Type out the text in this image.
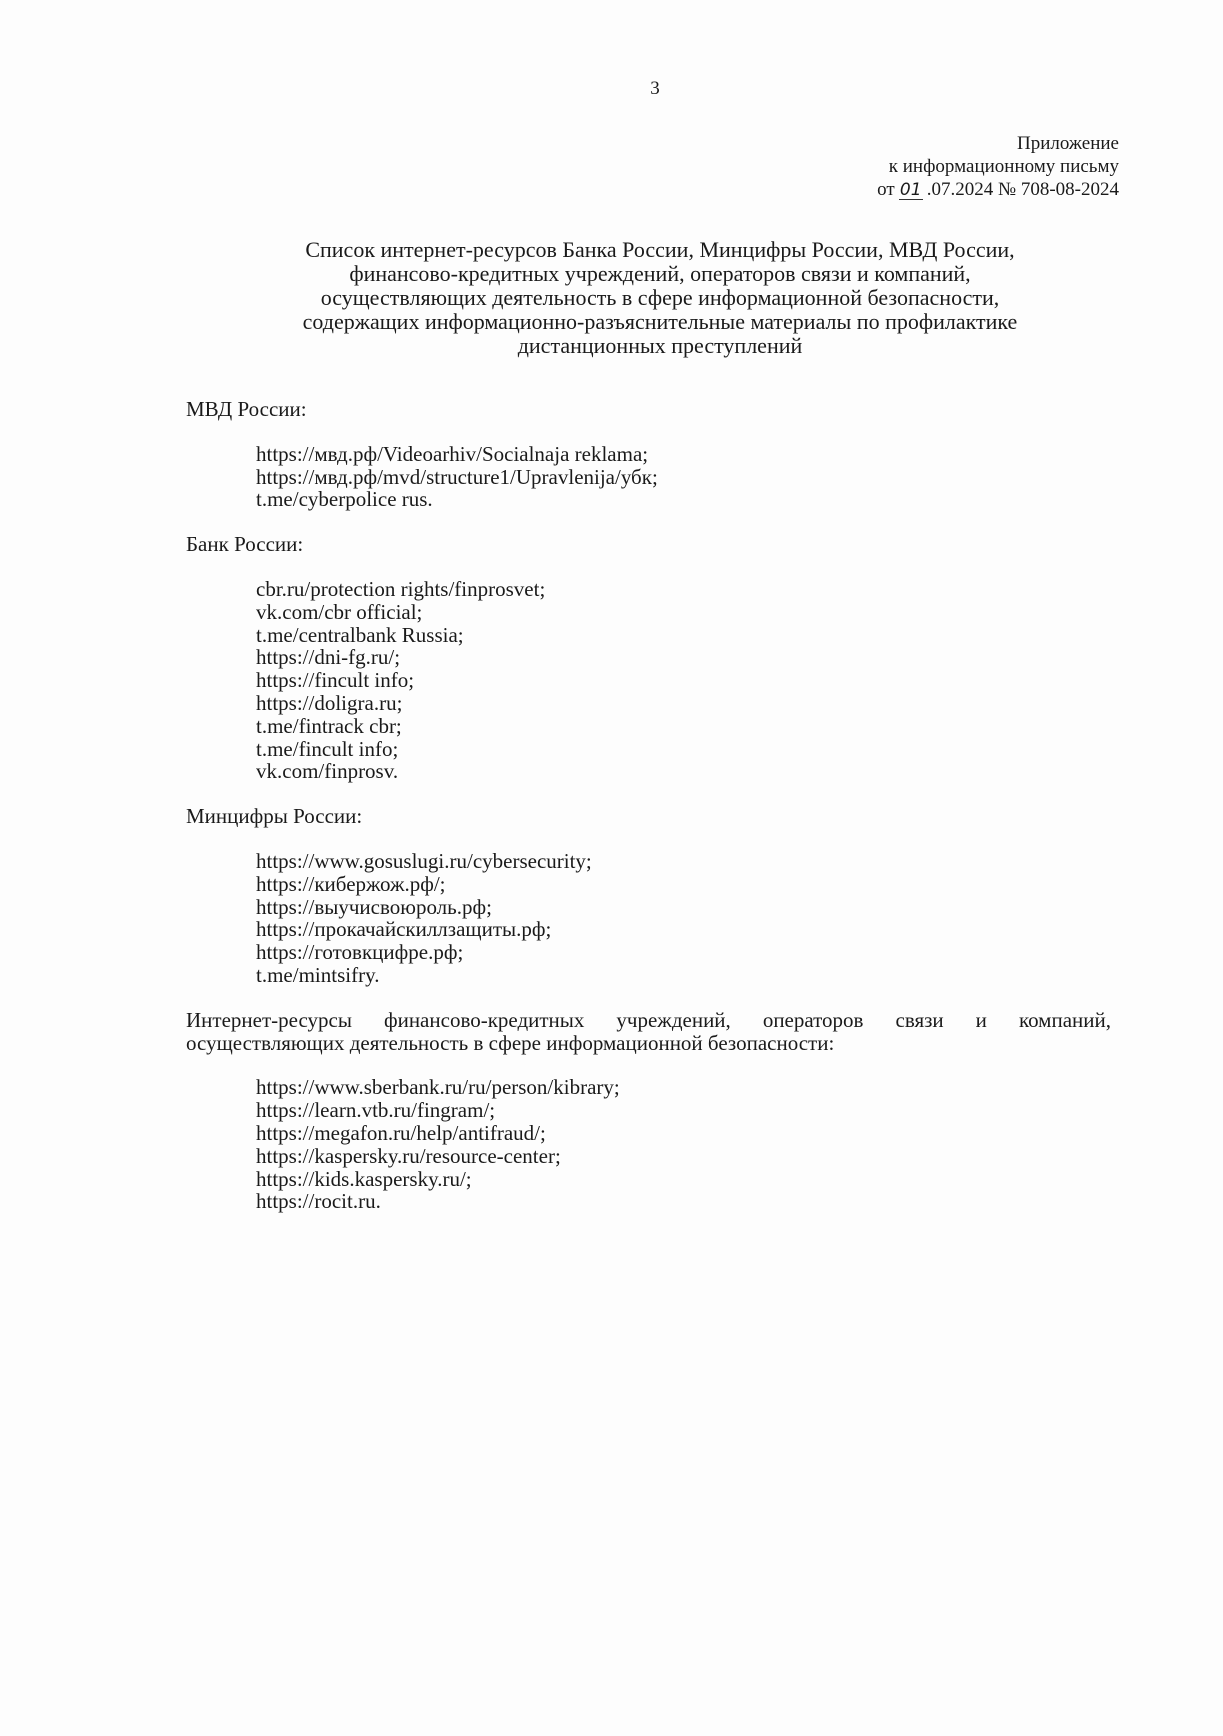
3
Приложение
к информационному письму
от 01 .07.2024 № 708-08-2024
Список интернет-ресурсов Банка России, Минцифры России, МВД России,
финансово-кредитных учреждений, операторов связи и компаний,
осуществляющих деятельность в сфере информационной безопасности,
содержащих информационно-разъяснительные материалы по профилактике
дистанционных преступлений

МВД России:

https://мвд.рф/Videoarhiv/Socialnaja reklama;
https://мвд.рф/mvd/structure1/Upravlenija/убк;
t.me/cyberpolice rus.

Банк России:

cbr.ru/protection rights/finprosvet;
vk.com/cbr official;
t.me/centralbank Russia;
https://dni-fg.ru/;
https://fincult info;
https://doligra.ru;
t.me/fintrack cbr;
t.me/fincult info;
vk.com/finprosv.

Минцифры России:

https://www.gosuslugi.ru/cybersecurity;
https://кибержож.рф/;
https://выучисвоюроль.рф;
https://прокачайскиллзащиты.рф;
https://готовкцифре.рф;
t.me/mintsifry.

Интернет-ресурсы финансово-кредитных учреждений, операторов связи и компаний, осуществляющих деятельность в сфере информационной безопасности:

https://www.sberbank.ru/ru/person/kibrary;
https://learn.vtb.ru/fingram/;
https://megafon.ru/help/antifraud/;
https://kaspersky.ru/resource-center;
https://kids.kaspersky.ru/;
https://rocit.ru.
